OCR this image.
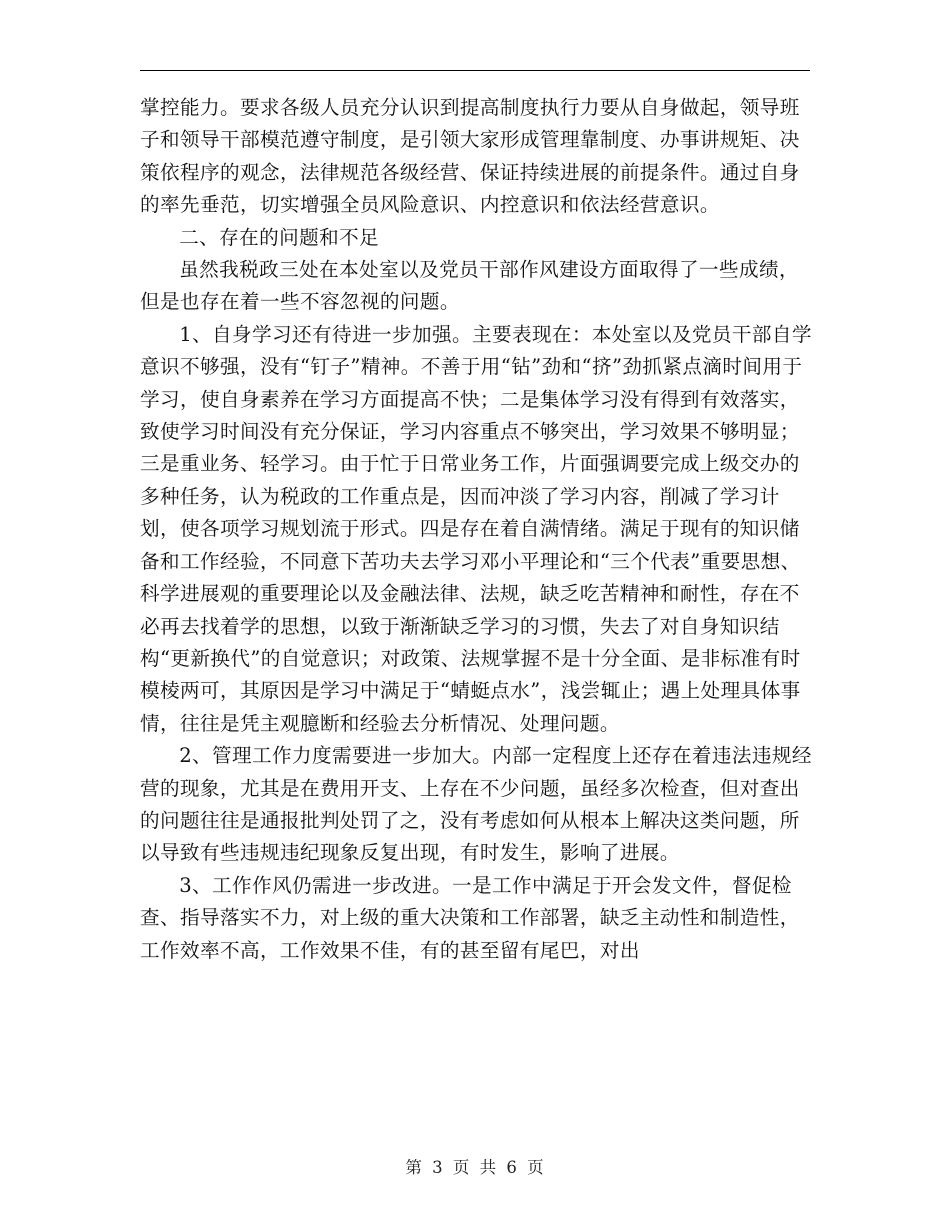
掌控能力。要求各级人员充分认识到提高制度执行力要从自身做起，领导班子和领导干部模范遵守制度，是引领大家形成管理靠制度、办事讲规矩、决策依程序的观念，法律规范各级经营、保证持续进展的前提条件。通过自身的率先垂范，切实增强全员风险意识、内控意识和依法经营意识。

二、存在的问题和不足

虽然我税政三处在本处室以及党员干部作风建设方面取得了一些成绩，但是也存在着一些不容忽视的问题。

1、自身学习还有待进一步加强。主要表现在：本处室以及党员干部自学意识不够强，没有“钉子”精神。不善于用“钻”劲和“挤”劲抓紧点滴时间用于学习，使自身素养在学习方面提高不快；二是集体学习没有得到有效落实，致使学习时间没有充分保证，学习内容重点不够突出，学习效果不够明显；三是重业务、轻学习。由于忙于日常业务工作，片面强调要完成上级交办的多种任务，认为税政的工作重点是，因而冲淡了学习内容，削减了学习计划，使各项学习规划流于形式。四是存在着自满情绪。满足于现有的知识储备和工作经验，不同意下苦功夫去学习邓小平理论和“三个代表”重要思想、科学进展观的重要理论以及金融法律、法规，缺乏吃苦精神和耐性，存在不必再去找着学的思想，以致于渐渐缺乏学习的习惯，失去了对自身知识结构“更新换代”的自觉意识；对政策、法规掌握不是十分全面、是非标准有时模棱两可，其原因是学习中满足于“蜻蜓点水”，浅尝辄止；遇上处理具体事情，往往是凭主观臆断和经验去分析情况、处理问题。

2、管理工作力度需要进一步加大。内部一定程度上还存在着违法违规经营的现象，尤其是在费用开支、上存在不少问题，虽经多次检查，但对查出的问题往往是通报批判处罚了之，没有考虑如何从根本上解决这类问题，所以导致有些违规违纪现象反复出现，有时发生，影响了进展。

3、工作作风仍需进一步改进。一是工作中满足于开会发文件，督促检查、指导落实不力，对上级的重大决策和工作部署，缺乏主动性和制造性，工作效率不高，工作效果不佳，有的甚至留有尾巴，对出

第 3 页 共 6 页
